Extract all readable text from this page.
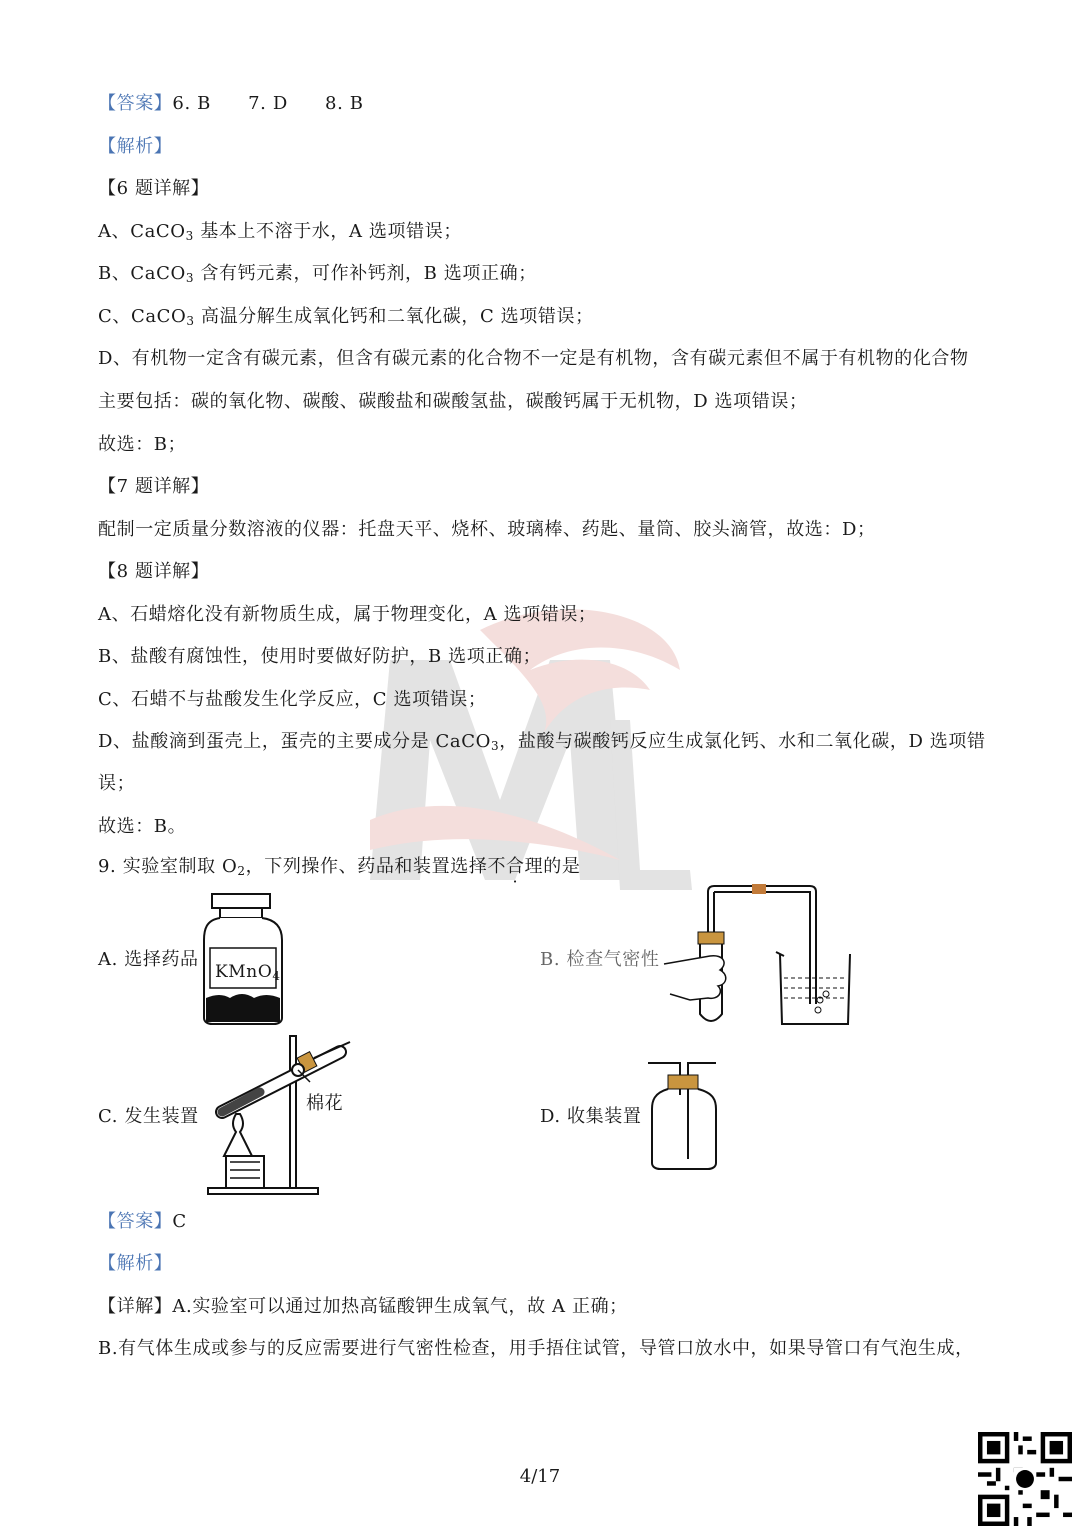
【答案】6. B　　7. D　　8. B
【解析】
【6 题详解】
A、CaCO$_3$ 基本上不溶于水，A 选项错误；
B、CaCO$_3$ 含有钙元素，可作补钙剂，B 选项正确；
C、CaCO$_3$ 高温分解生成氧化钙和二氧化碳，C 选项错误；
D、有机物一定含有碳元素，但含有碳元素的化合物不一定是有机物，含有碳元素但不属于有机物的化合物
主要包括：碳的氧化物、碳酸、碳酸盐和碳酸氢盐，碳酸钙属于无机物，D 选项错误；
故选：B；
【7 题详解】
配制一定质量分数溶液的仪器：托盘天平、烧杯、玻璃棒、药匙、量筒、胶头滴管，故选：D；
【8 题详解】
A、石蜡熔化没有新物质生成，属于物理变化，A 选项错误；
B、盐酸有腐蚀性，使用时要做好防护，B 选项正确；
C、石蜡不与盐酸发生化学反应，C 选项错误；
D、盐酸滴到蛋壳上，蛋壳的主要成分是 CaCO$_3$，盐酸与碳酸钙反应生成氯化钙、水和二氧化碳，D 选项错
误；
故选：B。
9. 实验室制取 $O_2$，下列操作、药品和装置选择不合理的是
A. 选择药品
KMnO$_4$
B. 检查气密性
C. 发生装置
棉花
D. 收集装置
【答案】C
【解析】
【详解】A.实验室可以通过加热高锰酸钾生成氧气，故 A 正确；
B.有气体生成或参与的反应需要进行气密性检查，用手捂住试管，导管口放水中，如果导管口有气泡生成，
4/17
